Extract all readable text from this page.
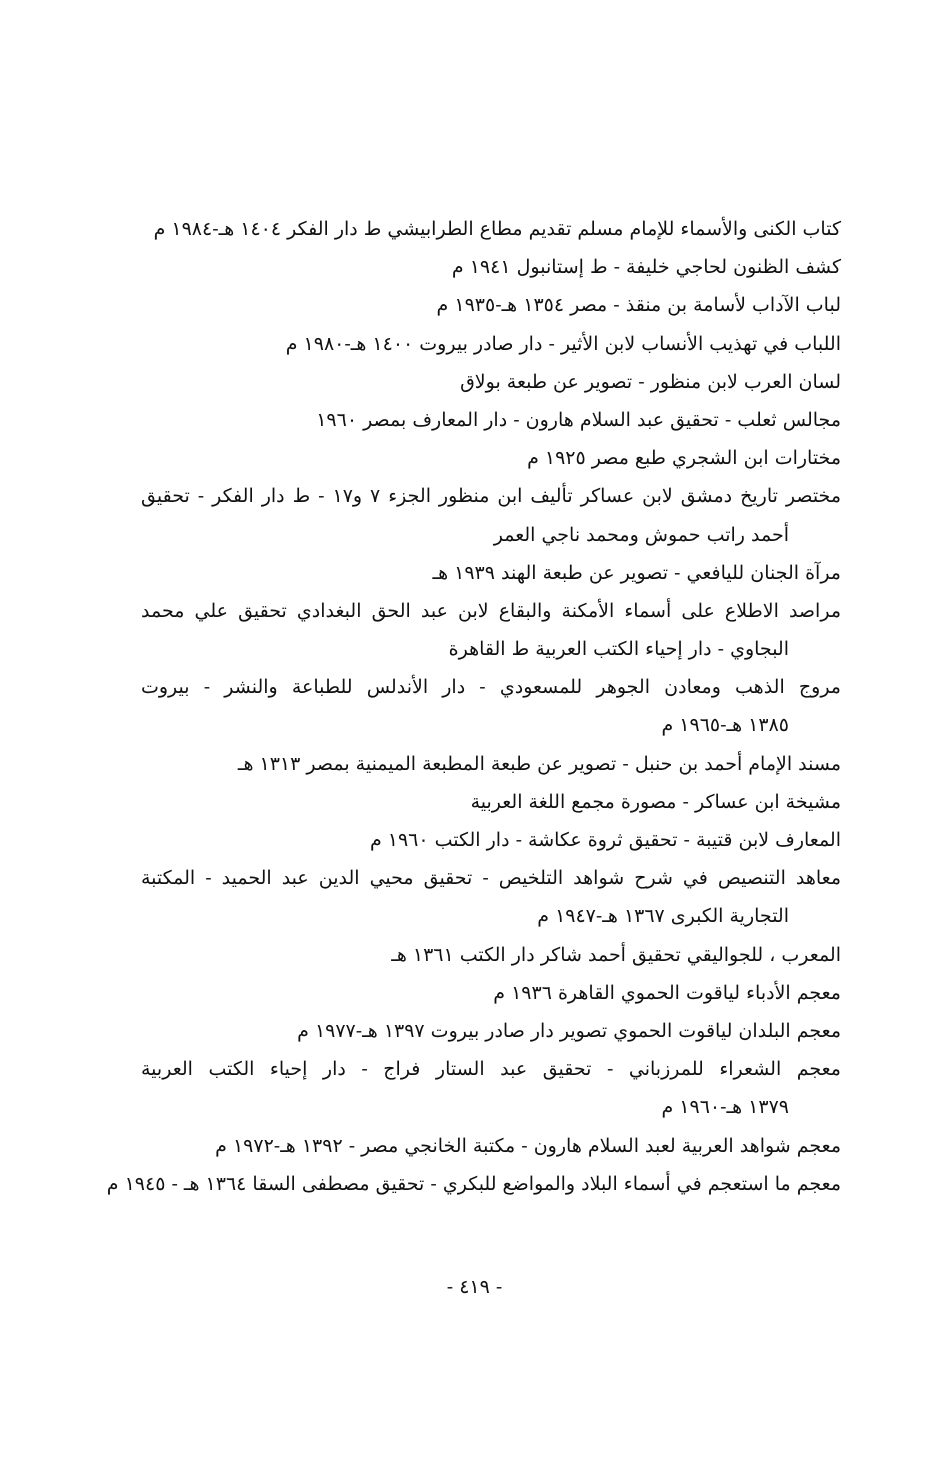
كتاب الكنى والأسماء للإمام مسلم تقديم مطاع الطرابيشي ط دار الفكر ١٤٠٤ هـ-١٩٨٤ م
كشف الظنون لحاجي خليفة - ط إستانبول ١٩٤١ م
لباب الآداب لأسامة بن منقذ - مصر ١٣٥٤ هـ-١٩٣٥ م
اللباب في تهذيب الأنساب لابن الأثير - دار صادر بيروت ١٤٠٠ هـ-١٩٨٠ م
لسان العرب لابن منظور - تصوير عن طبعة بولاق
مجالس ثعلب - تحقيق عبد السلام هارون - دار المعارف بمصر ١٩٦٠
مختارات ابن الشجري طبع مصر ١٩٢٥ م
مختصر تاريخ دمشق لابن عساكر تأليف ابن منظور الجزء ٧ و١٧ - ط دار الفكر - تحقيق
أحمد راتب حموش ومحمد ناجي العمر
مرآة الجنان لليافعي - تصوير عن طبعة الهند ١٩٣٩ هـ
مراصد الاطلاع على أسماء الأمكنة والبقاع لابن عبد الحق البغدادي تحقيق علي محمد
البجاوي - دار إحياء الكتب العربية ط القاهرة
مروج الذهب ومعادن الجوهر للمسعودي - دار الأندلس للطباعة والنشر - بيروت
١٣٨٥ هـ-١٩٦٥ م
مسند الإمام أحمد بن حنبل - تصوير عن طبعة المطبعة الميمنية بمصر ١٣١٣ هـ
مشيخة ابن عساكر - مصورة مجمع اللغة العربية
المعارف لابن قتيبة - تحقيق ثروة عكاشة - دار الكتب ١٩٦٠ م
معاهد التنصيص في شرح شواهد التلخيص - تحقيق محيي الدين عبد الحميد - المكتبة
التجارية الكبرى ١٣٦٧ هـ-١٩٤٧ م
المعرب ، للجواليقي تحقيق أحمد شاكر دار الكتب ١٣٦١ هـ
معجم الأدباء لياقوت الحموي القاهرة ١٩٣٦ م
معجم البلدان لياقوت الحموي تصوير دار صادر بيروت ١٣٩٧ هـ-١٩٧٧ م
معجم الشعراء للمرزباني - تحقيق عبد الستار فراج - دار إحياء الكتب العربية
١٣٧٩ هـ-١٩٦٠ م
معجم شواهد العربية لعبد السلام هارون - مكتبة الخانجي مصر - ١٣٩٢ هـ-١٩٧٢ م
معجم ما استعجم في أسماء البلاد والمواضع للبكري - تحقيق مصطفى السقا ١٣٦٤ هـ - ١٩٤٥ م
- ٤١٩ -
